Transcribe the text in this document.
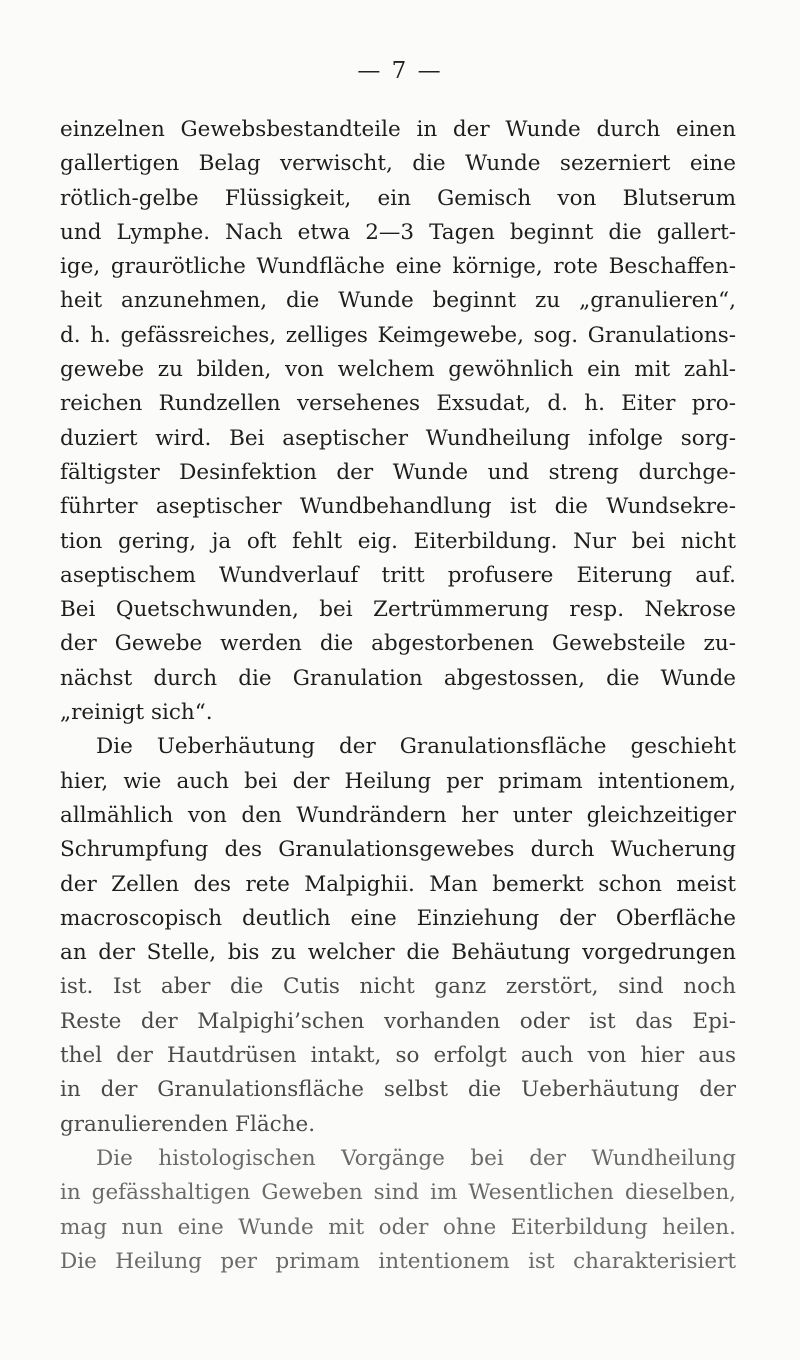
— 7 —
einzelnen Gewebsbestandteile in der Wunde durch einen
gallertigen Belag verwischt, die Wunde sezerniert eine
rötlich-gelbe Flüssigkeit, ein Gemisch von Blutserum
und Lymphe. Nach etwa 2—3 Tagen beginnt die gallert-
ige, graurötliche Wundfläche eine körnige, rote Beschaffen-
heit anzunehmen, die Wunde beginnt zu „granulieren“,
d. h. gefässreiches, zelliges Keimgewebe, sog. Granulations-
gewebe zu bilden, von welchem gewöhnlich ein mit zahl-
reichen Rundzellen versehenes Exsudat, d. h. Eiter pro-
duziert wird. Bei aseptischer Wundheilung infolge sorg-
fältigster Desinfektion der Wunde und streng durchge-
führter aseptischer Wundbehandlung ist die Wundsekre-
tion gering, ja oft fehlt eig. Eiterbildung. Nur bei nicht
aseptischem Wundverlauf tritt profusere Eiterung auf.
Bei Quetschwunden, bei Zertrümmerung resp. Nekrose
der Gewebe werden die abgestorbenen Gewebsteile zu-
nächst durch die Granulation abgestossen, die Wunde
„reinigt sich“.
Die Ueberhäutung der Granulationsfläche geschieht
hier, wie auch bei der Heilung per primam intentionem,
allmählich von den Wundrändern her unter gleichzeitiger
Schrumpfung des Granulationsgewebes durch Wucherung
der Zellen des rete Malpighii. Man bemerkt schon meist
macroscopisch deutlich eine Einziehung der Oberfläche
an der Stelle, bis zu welcher die Behäutung vorgedrungen
ist. Ist aber die Cutis nicht ganz zerstört, sind noch
Reste der Malpighi’schen vorhanden oder ist das Epi-
thel der Hautdrüsen intakt, so erfolgt auch von hier aus
in der Granulationsfläche selbst die Ueberhäutung der
granulierenden Fläche.
Die histologischen Vorgänge bei der Wundheilung
in gefässhaltigen Geweben sind im Wesentlichen dieselben,
mag nun eine Wunde mit oder ohne Eiterbildung heilen.
Die Heilung per primam intentionem ist charakterisiert
